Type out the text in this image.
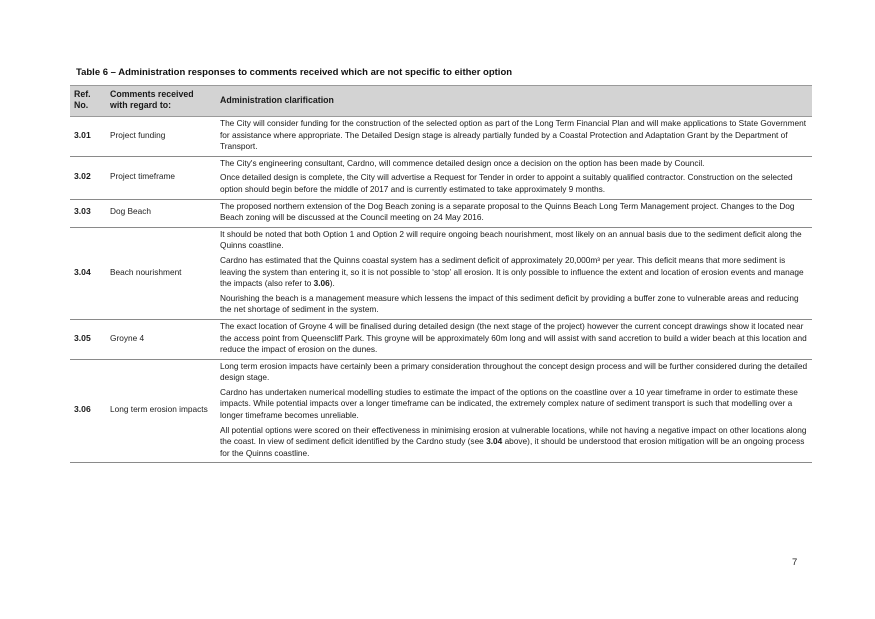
Table 6 – Administration responses to comments received which are not specific to either option
Ref. No.	Comments received with regard to:	Administration clarification
3.01	Project funding	The City will consider funding for the construction of the selected option as part of the Long Term Financial Plan and will make applications to State Government for assistance where appropriate. The Detailed Design stage is already partially funded by a Coastal Protection and Adaptation Grant by the Department of Transport.

3.02	Project timeframe	The City's engineering consultant, Cardno, will commence detailed design once a decision on the option has been made by Council.

Once detailed design is complete, the City will advertise a Request for Tender in order to appoint a suitably qualified contractor. Construction on the selected option should begin before the middle of 2017 and is currently estimated to take approximately 9 months.

3.03	Dog Beach	The proposed northern extension of the Dog Beach zoning is a separate proposal to the Quinns Beach Long Term Management project. Changes to the Dog Beach zoning will be discussed at the Council meeting on 24 May 2016.

3.04	Beach nourishment	It should be noted that both Option 1 and Option 2 will require ongoing beach nourishment, most likely on an annual basis due to the sediment deficit along the Quinns coastline.

Cardno has estimated that the Quinns coastal system has a sediment deficit of approximately 20,000m³ per year. This deficit means that more sediment is leaving the system than entering it, so it is not possible to ‘stop’ all erosion. It is only possible to influence the extent and location of erosion events and manage the impacts (also refer to 3.06).

Nourishing the beach is a management measure which lessens the impact of this sediment deficit by providing a buffer zone to vulnerable areas and reducing the net shortage of sediment in the system.

3.05	Groyne 4	The exact location of Groyne 4 will be finalised during detailed design (the next stage of the project) however the current concept drawings show it located near the access point from Queenscliff Park. This groyne will be approximately 60m long and will assist with sand accretion to build a wider beach at this location and reduce the impact of erosion on the dunes.

3.06	Long term erosion impacts	Long term erosion impacts have certainly been a primary consideration throughout the concept design process and will be further considered during the detailed design stage.

Cardno has undertaken numerical modelling studies to estimate the impact of the options on the coastline over a 10 year timeframe in order to estimate these impacts. While potential impacts over a longer timeframe can be indicated, the extremely complex nature of sediment transport is such that modelling over a longer timeframe becomes unreliable.

All potential options were scored on their effectiveness in minimising erosion at vulnerable locations, while not having a negative impact on other locations along the coast. In view of sediment deficit identified by the Cardno study (see 3.04 above), it should be understood that erosion mitigation will be an ongoing process for the Quinns coastline.

7
